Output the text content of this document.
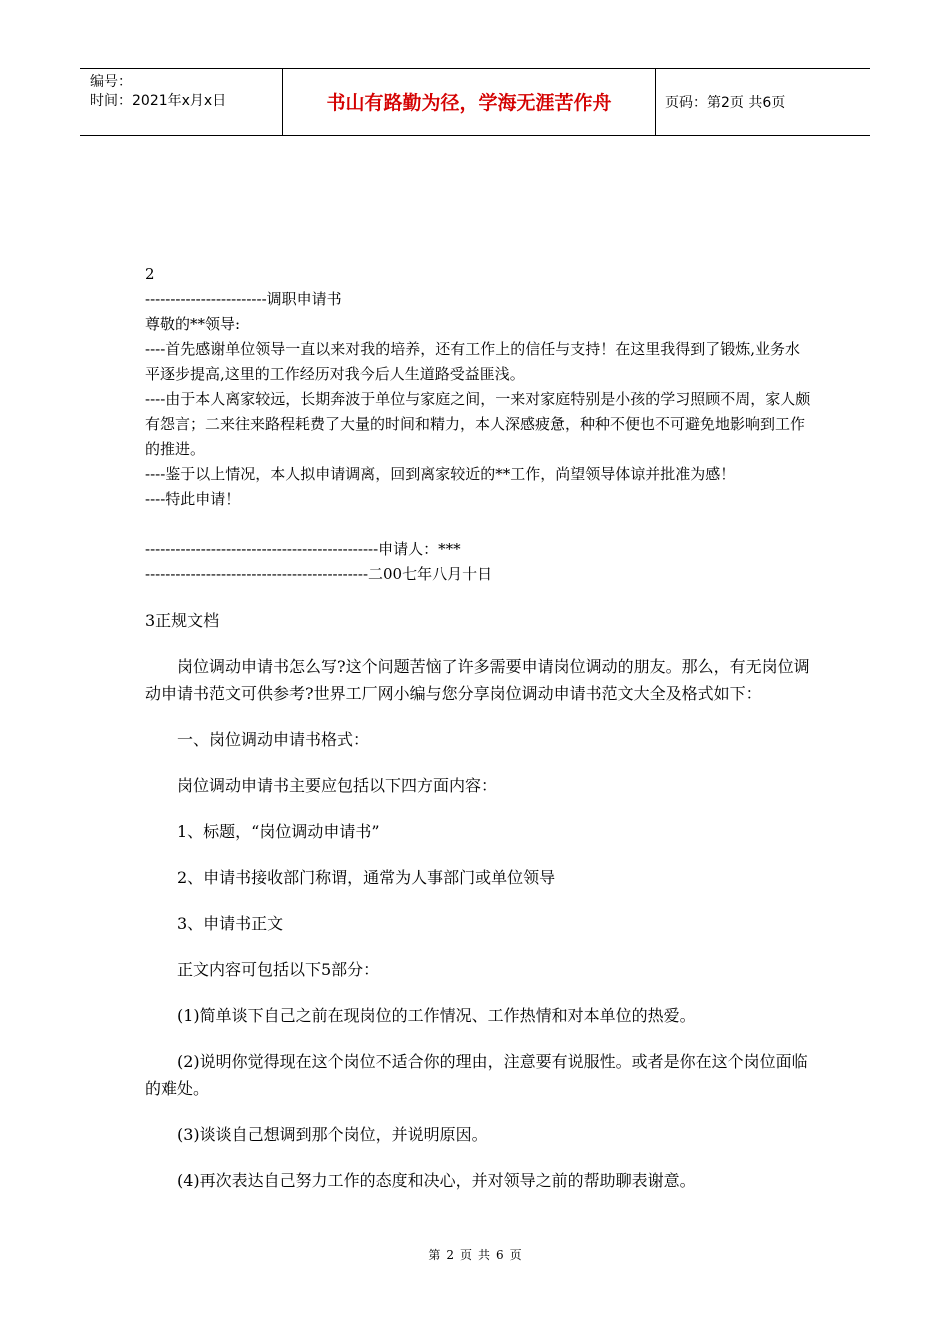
编号：
时间：2021年x月x日	书山有路勤为径，学海无涯苦作舟	页码：第2页 共6页

2

------------------------调职申请书

尊敬的**领导:

----首先感谢单位领导一直以来对我的培养，还有工作上的信任与支持！在这里我得到了锻炼,业务水平逐步提高,这里的工作经历对我今后人生道路受益匪浅。

----由于本人离家较远，长期奔波于单位与家庭之间，一来对家庭特别是小孩的学习照顾不周，家人颇有怨言；二来往来路程耗费了大量的时间和精力，本人深感疲惫，种种不便也不可避免地影响到工作的推进。

----鉴于以上情况，本人拟申请调离，回到离家较近的**工作，尚望领导体谅并批准为感！

----特此申请！

----------------------------------------------申请人：***

--------------------------------------------二00七年八月十日

3正规文档

岗位调动申请书怎么写?这个问题苦恼了许多需要申请岗位调动的朋友。那么，有无岗位调动申请书范文可供参考?世界工厂网小编与您分享岗位调动申请书范文大全及格式如下：

一、岗位调动申请书格式：

岗位调动申请书主要应包括以下四方面内容：

1、标题，“岗位调动申请书”

2、申请书接收部门称谓，通常为人事部门或单位领导

3、申请书正文

正文内容可包括以下5部分：

(1)简单谈下自己之前在现岗位的工作情况、工作热情和对本单位的热爱。

(2)说明你觉得现在这个岗位不适合你的理由，注意要有说服性。或者是你在这个岗位面临的难处。

(3)谈谈自己想调到那个岗位，并说明原因。

(4)再次表达自己努力工作的态度和决心，并对领导之前的帮助聊表谢意。

第 2 页 共 6 页
